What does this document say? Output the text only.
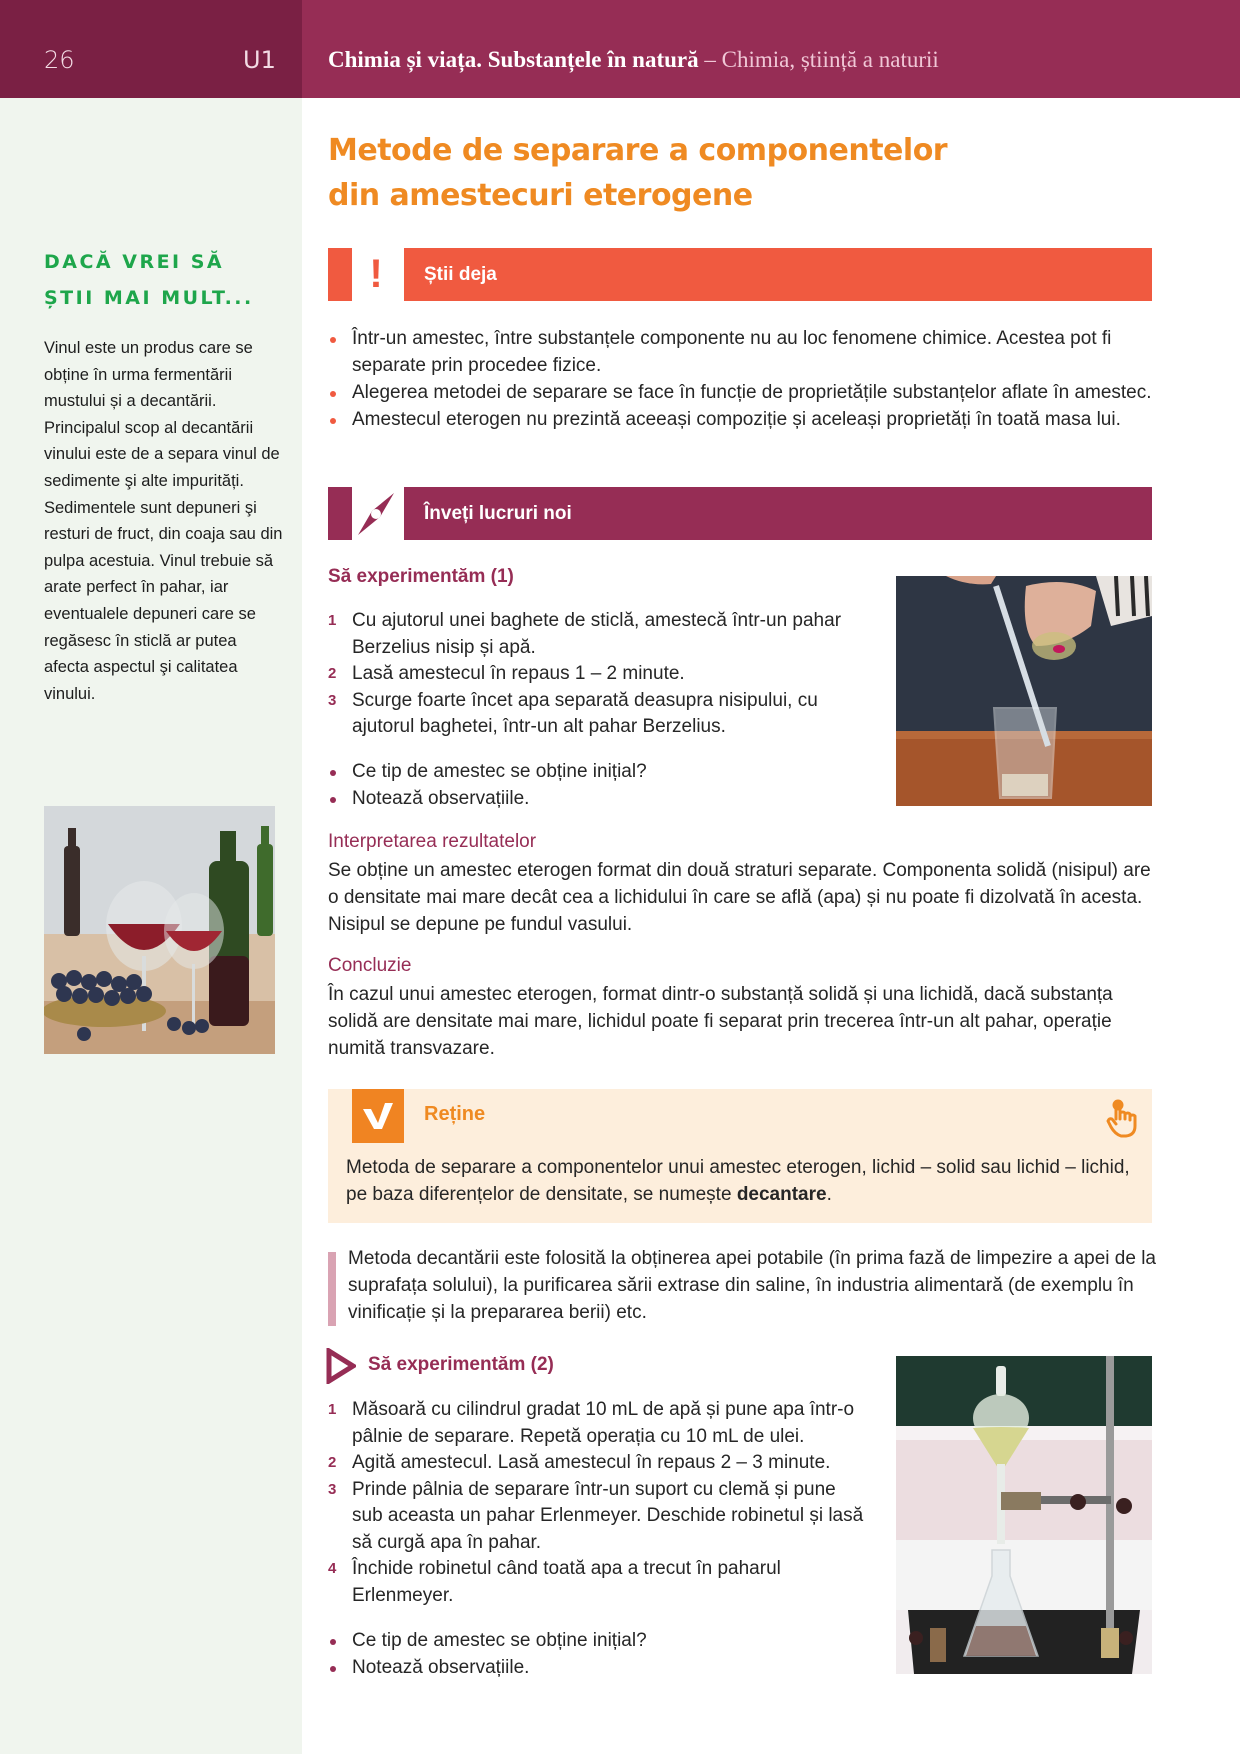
26	U1 Chimia și viața. Substanțele în natură – Chimia, știință a naturii
Metode de separare a componentelor din amestecuri eterogene
DACĂ VREI SĂ ȘTII MAI MULT...

Vinul este un produs care se obține în urma fermentării mustului și a decantării. Principalul scop al decantării vinului este de a separa vinul de sedimente şi alte impurități. Sedimentele sunt depuneri şi resturi de fruct, din coaja sau din pulpa acestuia. Vinul trebuie să arate perfect în pahar, iar eventualele depuneri care se regăsesc în sticlă ar putea afecta aspectul şi calitatea vinului.

!	Știi deja
Într-un amestec, între substanțele componente nu au loc fenomene chimice. Acestea pot fi separate prin procedee fizice.
Alegerea metodei de separare se face în funcție de proprietățile substanțelor aflate în amestec.
Amestecul eterogen nu prezintă aceeași compoziție și aceleași proprietăți în toată masa lui.
Înveți lucruri noi
Să experimentăm (1)
1 Cu ajutorul unei baghete de sticlă, amestecă într-un pahar Berzelius nisip și apă.
2 Lasă amestecul în repaus 1 – 2 minute.
3 Scurge foarte încet apa separată deasupra nisipului, cu ajutorul baghetei, într-un alt pahar Berzelius.
Ce tip de amestec se obține inițial?
Notează observațiile.
Interpretarea rezultatelor

Se obține un amestec eterogen format din două straturi separate. Componenta solidă (nisipul) are o densitate mai mare decât cea a lichidului în care se află (apa) și nu poate fi dizolvată în acesta. Nisipul se depune pe fundul vasului.

Concluzie

În cazul unui amestec eterogen, format dintr-o substanță solidă și una lichidă, dacă substanța solidă are densitate mai mare, lichidul poate fi separat prin trecerea într-un alt pahar, operație numită transvazare.

Reține

Metoda de separare a componentelor unui amestec eterogen, lichid – solid sau lichid – lichid, pe baza diferențelor de densitate, se numește decantare.

Metoda decantării este folosită la obținerea apei potabile (în prima fază de limpezire a apei de la suprafața solului), la purificarea sării extrase din saline, în industria alimentară (de exemplu în vinificație și la prepararea berii) etc.

Să experimentăm (2)
1 Măsoară cu cilindrul gradat 10 mL de apă și pune apa într-o pâlnie de separare. Repetă operația cu 10 mL de ulei.
2 Agită amestecul. Lasă amestecul în repaus 2 – 3 minute.
3 Prinde pâlnia de separare într-un suport cu clemă și pune sub aceasta un pahar Erlenmeyer. Deschide robinetul și lasă să curgă apa în pahar.
4 Închide robinetul când toată apa a trecut în paharul Erlenmeyer.
Ce tip de amestec se obține inițial?
Notează observațiile.
